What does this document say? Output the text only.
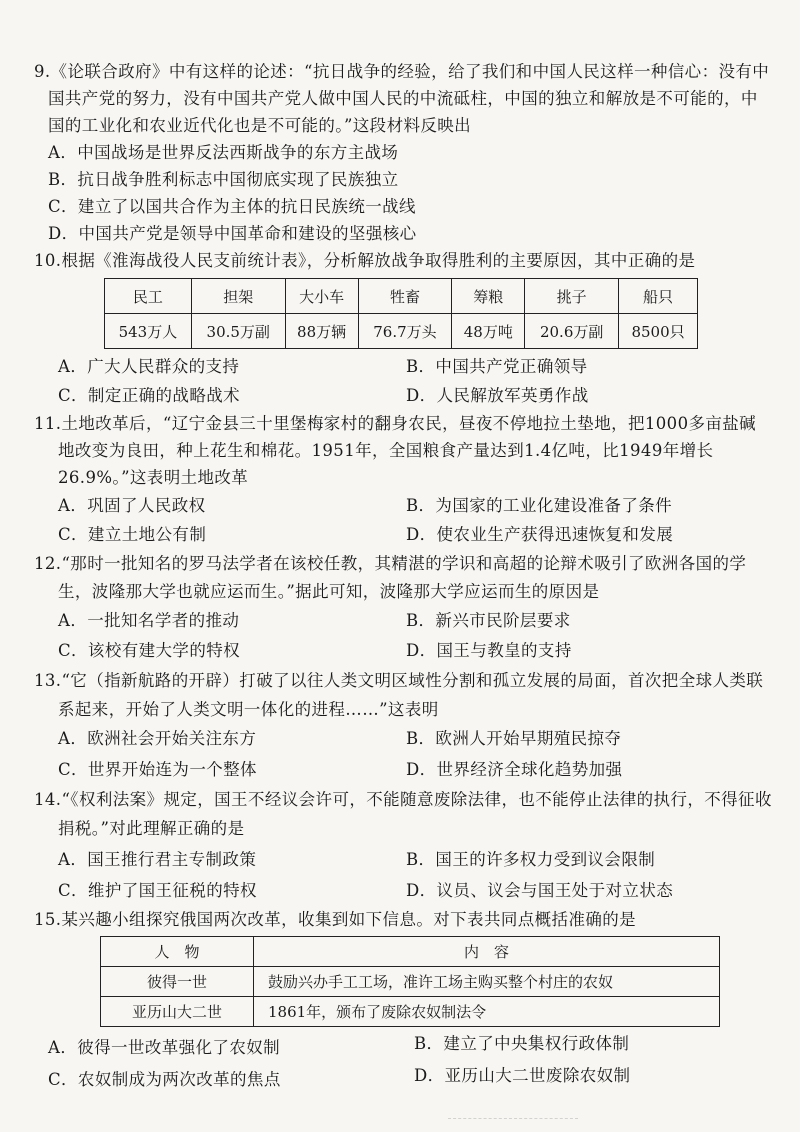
9.《论联合政府》中有这样的论述：“抗日战争的经验，给了我们和中国人民这样一种信心：没有中
国共产党的努力，没有中国共产党人做中国人民的中流砥柱，中国的独立和解放是不可能的，中
国的工业化和农业近代化也是不可能的。”这段材料反映出
A．中国战场是世界反法西斯战争的东方主战场
B．抗日战争胜利标志中国彻底实现了民族独立
C．建立了以国共合作为主体的抗日民族统一战线
D．中国共产党是领导中国革命和建设的坚强核心
10.根据《淮海战役人民支前统计表》，分析解放战争取得胜利的主要原因，其中正确的是
民工	担架	大小车	牲畜	筹粮	挑子	船只
543万人	30.5万副	88万辆	76.7万头	48万吨	20.6万副	8500只
A．广大人民群众的支持	B．中国共产党正确领导
C．制定正确的战略战术	D．人民解放军英勇作战
11.土地改革后，“辽宁金县三十里堡梅家村的翻身农民，昼夜不停地拉土垫地，把1000多亩盐碱
地改变为良田，种上花生和棉花。1951年，全国粮食产量达到1.4亿吨，比1949年增长
26.9%。”这表明土地改革
A．巩固了人民政权	B．为国家的工业化建设准备了条件
C．建立土地公有制	D．使农业生产获得迅速恢复和发展
12.“那时一批知名的罗马法学者在该校任教，其精湛的学识和高超的论辩术吸引了欧洲各国的学
生，波隆那大学也就应运而生。”据此可知，波隆那大学应运而生的原因是
A．一批知名学者的推动	B．新兴市民阶层要求
C．该校有建大学的特权	D．国王与教皇的支持
13.“它（指新航路的开辟）打破了以往人类文明区域性分割和孤立发展的局面，首次把全球人类联
系起来，开始了人类文明一体化的进程……”这表明
A．欧洲社会开始关注东方	B．欧洲人开始早期殖民掠夺
C．世界开始连为一个整体	D．世界经济全球化趋势加强
14.“《权利法案》规定，国王不经议会许可，不能随意废除法律，也不能停止法律的执行，不得征收
捐税。”对此理解正确的是
A．国王推行君主专制政策	B．国王的许多权力受到议会限制
C．维护了国王征税的特权	D．议员、议会与国王处于对立状态
15.某兴趣小组探究俄国两次改革，收集到如下信息。对下表共同点概括准确的是
人　物	内　容
彼得一世	鼓励兴办手工工场，准许工场主购买整个村庄的农奴
亚历山大二世	1861年，颁布了废除农奴制法令
A．彼得一世改革强化了农奴制	B．建立了中央集权行政体制
C．农奴制成为两次改革的焦点	D．亚历山大二世废除农奴制
